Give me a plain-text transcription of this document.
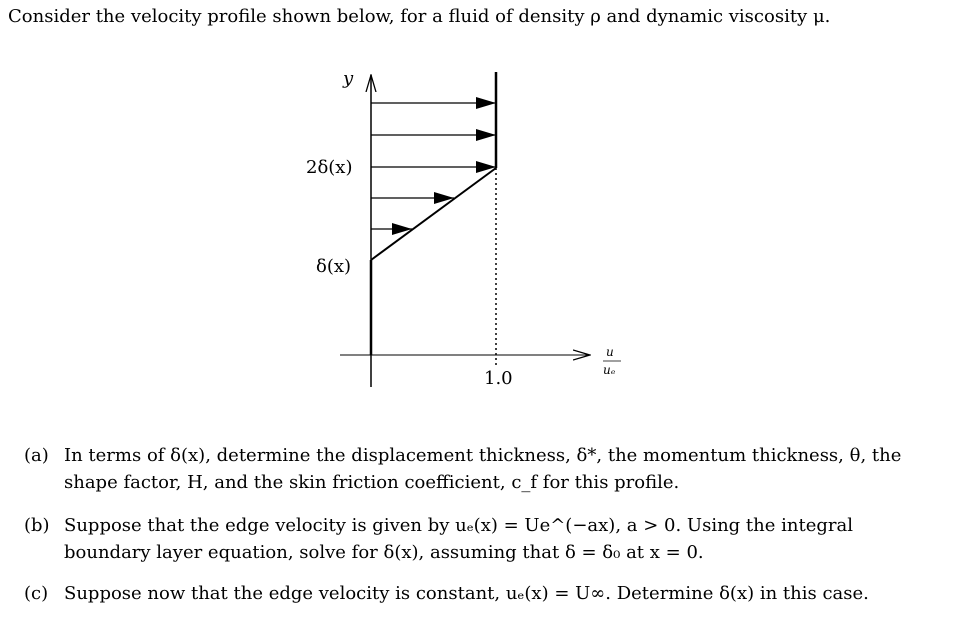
Consider the velocity profile shown below, for a fluid of density ρ and dynamic viscosity μ.
y
2δ(x)
δ(x)
1.0
u
uₑ
(a) In terms of δ(x), determine the displacement thickness, δ*, the momentum thickness, θ, the shape factor, H, and the skin friction coefficient, c_f for this profile.
(b) Suppose that the edge velocity is given by uₑ(x) = Ue^(−ax), a > 0. Using the integral boundary layer equation, solve for δ(x), assuming that δ = δ₀ at x = 0.
(c) Suppose now that the edge velocity is constant, uₑ(x) = U∞. Determine δ(x) in this case.
